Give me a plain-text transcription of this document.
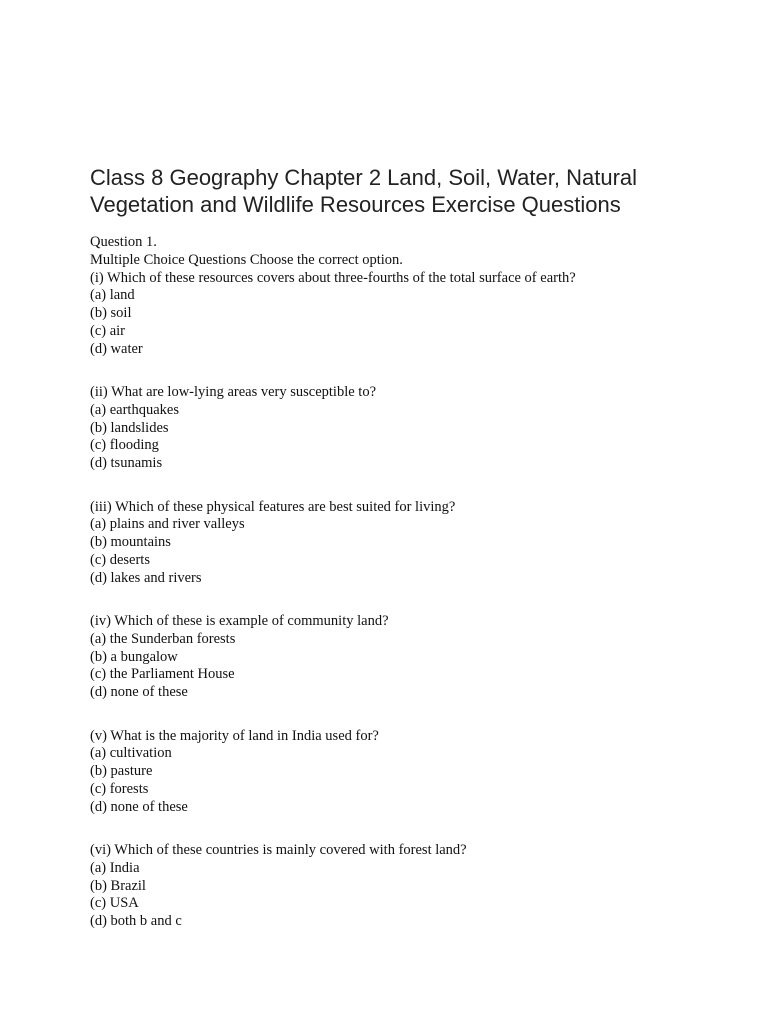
Class 8 Geography Chapter 2 Land, Soil, Water, Natural Vegetation and Wildlife Resources Exercise Questions
Question 1.
Multiple Choice Questions Choose the correct option.
(i) Which of these resources covers about three-fourths of the total surface of earth?
(a) land
(b) soil
(c) air
(d) water
(ii) What are low-lying areas very susceptible to?
(a) earthquakes
(b) landslides
(c) flooding
(d) tsunamis
(iii) Which of these physical features are best suited for living?
(a) plains and river valleys
(b) mountains
(c) deserts
(d) lakes and rivers
(iv) Which of these is example of community land?
(a) the Sunderban forests
(b) a bungalow
(c) the Parliament House
(d) none of these
(v) What is the majority of land in India used for?
(a) cultivation
(b) pasture
(c) forests
(d) none of these
(vi) Which of these countries is mainly covered with forest land?
(a) India
(b) Brazil
(c) USA
(d) both b and c
